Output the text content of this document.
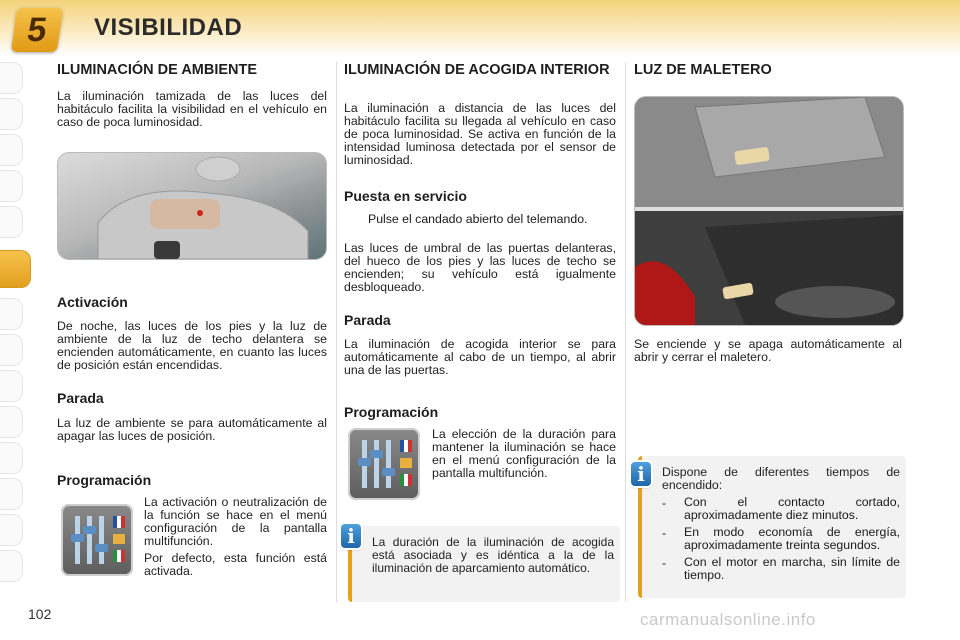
5	VISIBILIDAD
ILUMINACIÓN DE AMBIENTE

La iluminación tamizada de las luces del habitáculo facilita la visibilidad en el vehículo en caso de poca luminosidad.

Activación

De noche, las luces de los pies y la luz de ambiente de la luz de techo delantera se encienden automáticamente, en cuanto las luces de posición están encendidas.

Parada

La luz de ambiente se para automáticamente al apagar las luces de posición.

Programación

La activación o neutralización de la función se hace en el menú configuración de la pantalla multifunción.

Por defecto, esta función está activada.

ILUMINACIÓN DE ACOGIDA INTERIOR

La iluminación a distancia de las luces del habitáculo facilita su llegada al vehículo en caso de poca luminosidad. Se activa en función de la intensidad luminosa detectada por el sensor de luminosidad.

Puesta en servicio
Pulse el candado abierto del telemando.

Las luces de umbral de las puertas delanteras, del hueco de los pies y las luces de techo se encienden; su vehículo está igualmente desbloqueado.

Parada

La iluminación de acogida interior se para automáticamente al cabo de un tiempo, al abrir una de las puertas.

Programación

La elección de la duración para mantener la iluminación se hace en el menú configuración de la pantalla multifunción.

La duración de la iluminación de acogida está asociada y es idéntica a la de la iluminación de aparcamiento automático.

i
LUZ DE MALETERO

Se enciende y se apaga automáticamente al abrir y cerrar el maletero.

Dispone de diferentes tiempos de encendido:

-	Con el contacto cortado, aproximadamente diez minutos.
-	En modo economía de energía, aproximadamente treinta segundos.
-	Con el motor en marcha, sin límite de tiempo.
i
102	carmanualsonline.info
